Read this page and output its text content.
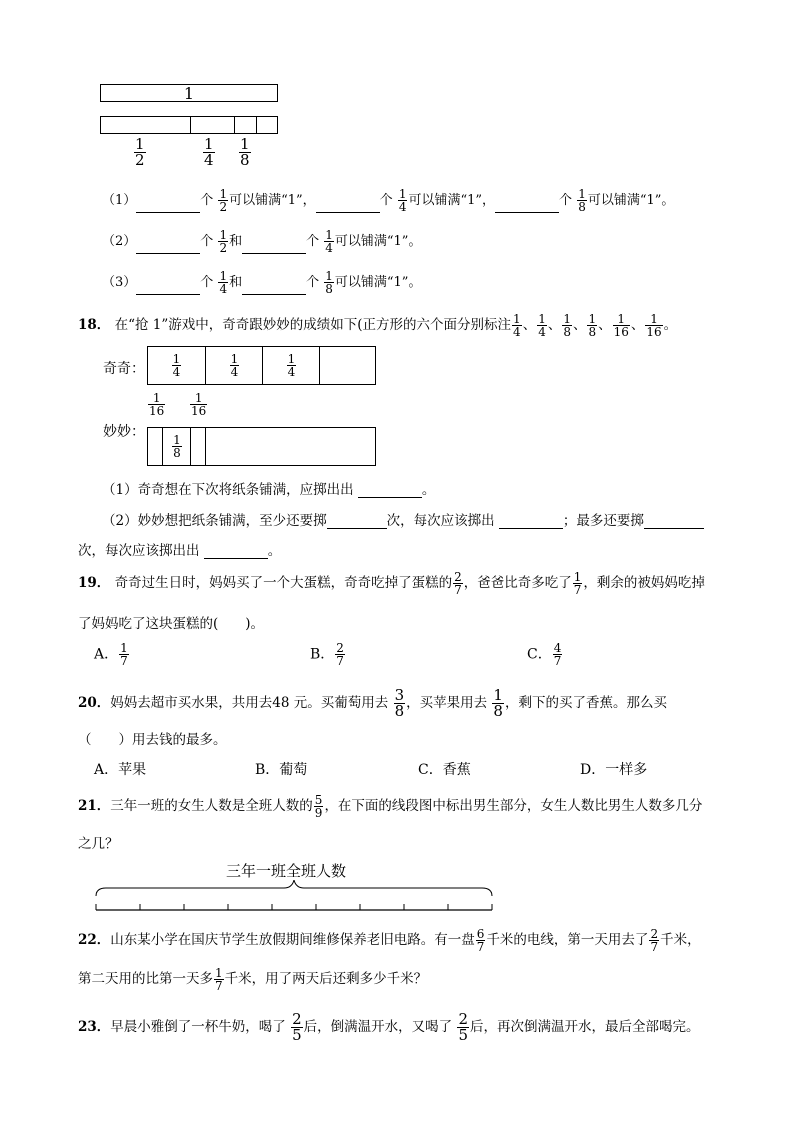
1
$\frac{1}{2}$	$\frac{1}{4} \frac{1}{8}$
（1）	个 $\frac{1}{2}$ 可以铺满“1”，	个 $\frac{1}{4}$ 可以铺满“1”，	个 $\frac{1}{8}$ 可以铺满“1”。
（2）	个 $\frac{1}{2}$ 和	个 $\frac{1}{4}$ 可以铺满“1”。
（3）	个 $\frac{1}{4}$ 和	个 $\frac{1}{8}$ 可以铺满“1”。
18． 在“抢 1”游戏中，奇奇跟妙妙的成绩如下(正方形的六个面分别标注 $\frac{1}{4}$ 、 $\frac{1}{4}$ 、 $\frac{1}{8}$ 、 $\frac{1}{8}$ 、 $\frac{1}{16}$ 、 $\frac{1}{16}$ 。
奇奇： $\frac{1}{4}$	$\frac{1}{4}$	$\frac{1}{4}$
$\frac{1}{16} \frac{1}{16}$
妙妙：
$\frac{1}{8}$
（1）奇奇想在下次将纸条铺满，应掷出出	。
（2）妙妙想把纸条铺满，至少还要掷	次，每次应该掷出	；最多还要掷
次，每次应该掷出出	。
19． 奇奇过生日时，妈妈买了一个大蛋糕，奇奇吃掉了蛋糕的 $\frac{2}{7}$ ，爸爸比奇多吃了 $\frac{1}{7}$ ，剩余的被妈妈吃掉
了妈妈吃了这块蛋糕的(　　)。
A． $\frac{1}{7}$	B． $\frac{2}{7}$	C． $\frac{4}{7}$
20．妈妈去超市买水果，共用去48 元。买葡萄用去 $\frac{3}{8}$ ，买苹果用去 $\frac{1}{8}$ ，剩下的买了香蕉。那么买
（　　）用去钱的最多。
A．苹果	B．葡萄	C．香蕉	D．一样多
21．三年一班的女生人数是全班人数的 $\frac{5}{9}$ ，在下面的线段图中标出男生部分，女生人数比男生人数多几分
之几？
三年一班全班人数
22．山东某小学在国庆节学生放假期间维修保养老旧电路。有一盘 $\frac{6}{7}$ 千米的电线，第一天用去了 $\frac{2}{7}$ 千米，
第二天用的比第一天多 $\frac{1}{7}$ 千米，用了两天后还剩多少千米？
23．早晨小雅倒了一杯牛奶，喝了 $\frac{2}{5}$ 后，倒满温开水，又喝了 $\frac{2}{5}$ 后，再次倒满温开水，最后全部喝完。
